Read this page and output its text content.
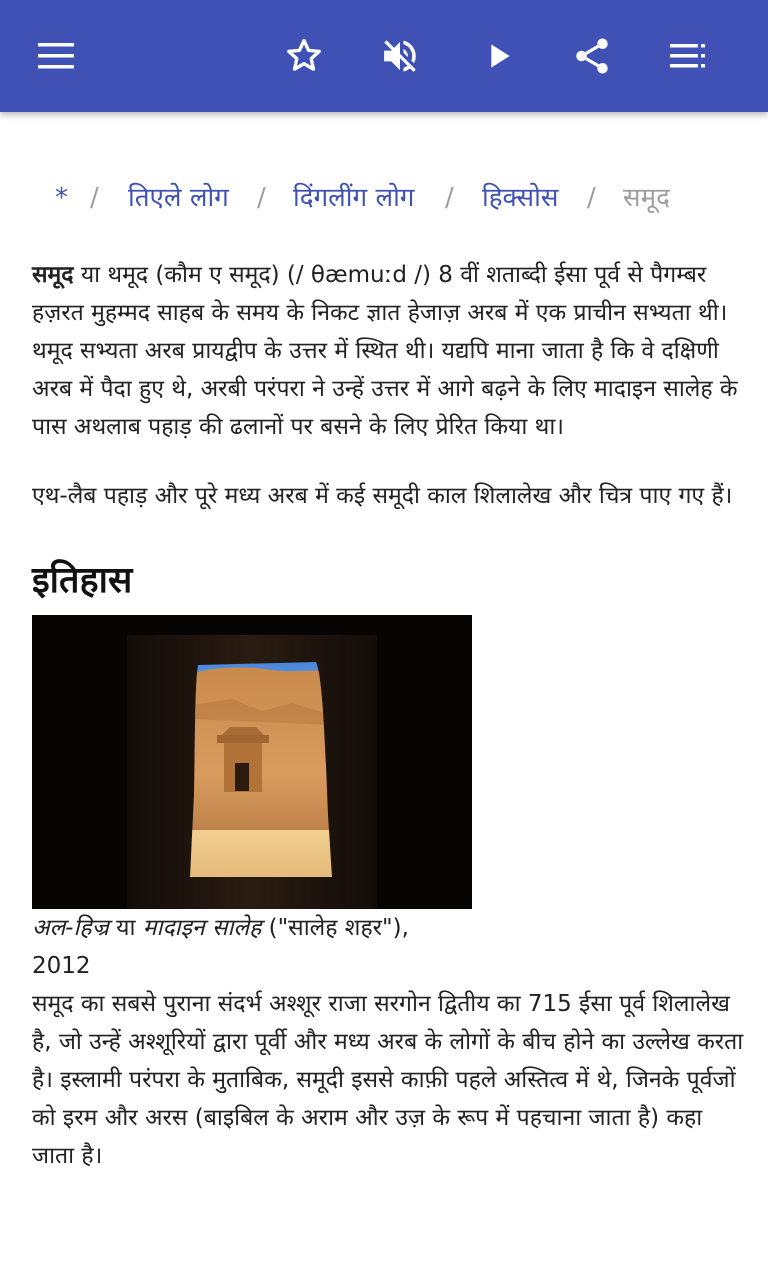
* / तिएले लोग / दिंगलींग लोग / हिक्सोस / समूद

समूद या थमूद (कौम ए समूद) (/ θæmuːd /) 8 वीं शताब्दी ईसा पूर्व से पैगम्बर हज़रत मुहम्मद साहब के समय के निकट ज्ञात हेजाज़ अरब में एक प्राचीन सभ्यता थी। थमूद सभ्यता अरब प्रायद्वीप के उत्तर में स्थित थी। यद्यपि माना जाता है कि वे दक्षिणी अरब में पैदा हुए थे, अरबी परंपरा ने उन्हें उत्तर में आगे बढ़ने के लिए मादाइन सालेह के पास अथलाब पहाड़ की ढलानों पर बसने के लिए प्रेरित किया था।

एथ-लैब पहाड़ और पूरे मध्य अरब में कई समूदी काल शिलालेख और चित्र पाए गए हैं।

इतिहास

अल-हिज्र या मादाइन सालेह ("सालेह शहर"),
2012

समूद का सबसे पुराना संदर्भ अश्शूर राजा सरगोन द्वितीय का 715 ईसा पूर्व शिलालेख है, जो उन्हें अश्शूरियों द्वारा पूर्वी और मध्य अरब के लोगों के बीच होने का उल्लेख करता है। इस्लामी परंपरा के मुताबिक, समूदी इससे काफ़ी पहले अस्तित्व में थे, जिनके पूर्वजों को इरम और अरस (बाइबिल के अराम और उज़ के रूप में पहचाना जाता है) कहा जाता है।
